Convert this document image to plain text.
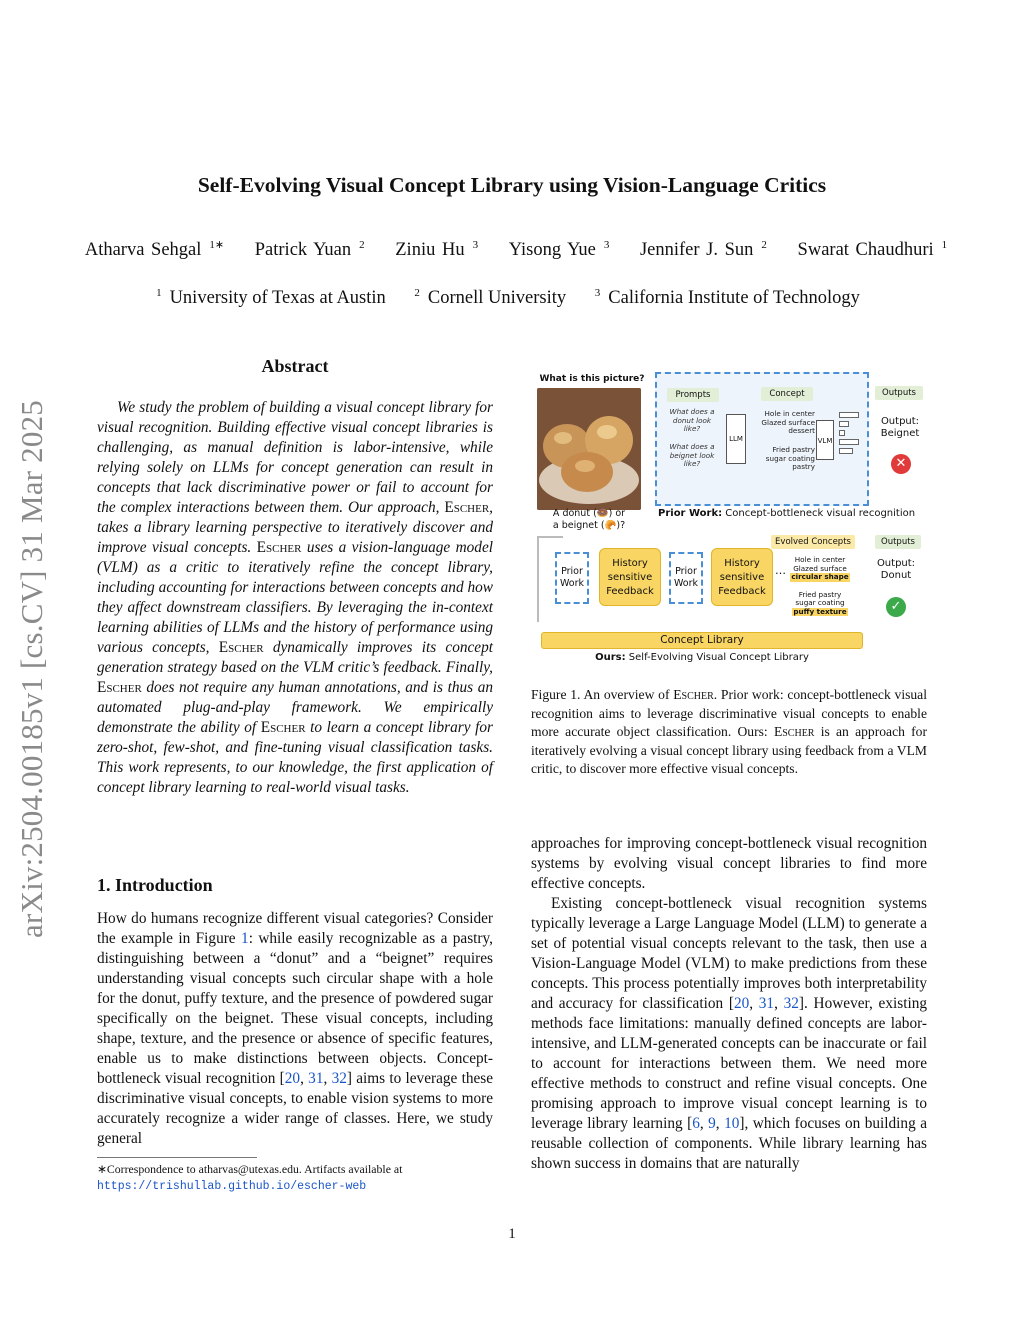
Self-Evolving Visual Concept Library using Vision-Language Critics
Atharva Sehgal $^{1∗}$ Patrick Yuan $^2$ Ziniu Hu $^3$ Yisong Yue $^3$ Jennifer J. Sun $^2$ Swarat Chaudhuri $^1$
$^1$ University of Texas at Austin	$^2$ Cornell University	$^3$ California Institute of Technology
arXiv:2504.00185v1 [cs.CV] 31 Mar 2025
Abstract

We study the problem of building a visual concept library for visual recognition. Building effective visual concept libraries is challenging, as manual definition is labor-intensive, while relying solely on LLMs for concept generation can result in concepts that lack discriminative power or fail to account for the complex interactions between them. Our approach, Escher, takes a library learning perspective to iteratively discover and improve visual concepts. Escher uses a vision-language model (VLM) as a critic to iteratively refine the concept library, including accounting for interactions between concepts and how they affect downstream classifiers. By leveraging the in-context learning abilities of LLMs and the history of performance using various concepts, Escher dynamically improves its concept generation strategy based on the VLM critic’s feedback. Finally, Escher does not require any human annotations, and is thus an automated plug-and-play framework. We empirically demonstrate the ability of Escher to learn a concept library for zero-shot, few-shot, and fine-tuning visual classification tasks. This work represents, to our knowledge, the first application of concept library learning to real-world visual tasks.

1. Introduction

How do humans recognize different visual categories? Consider the example in Figure 1: while easily recognizable as a pastry, distinguishing between a “donut” and a “beignet” requires understanding visual concepts such circular shape with a hole for the donut, puffy texture, and the presence of powdered sugar specifically on the beignet. These visual concepts, including shape, texture, and the presence or absence of specific features, enable us to make distinctions between objects. Concept-bottleneck visual recognition [20, 31, 32] aims to leverage these discriminative visual concepts, to enable vision systems to more accurately recognize a wider range of classes. Here, we study general

∗Correspondence to atharvas@utexas.edu. Artifacts available at
https://trishullab.github.io/escher-web
What is this picture?
A donut (🍩) or
a beignet (🥐)?
Prompts	Concept	Outputs
What does a donut look like?
What does a beignet look like?
LLM
Hole in center Glazed surface dessert
Fried pastry sugar coating pastry
VLM
Output:
Beignet
✕
Prior Work: Concept-bottleneck visual recognition
Prior Work
History sensitive Feedback
Prior Work
History sensitive Feedback
…
Evolved Concepts	Outputs
Hole in center
Glazed surface
circular shape
Fried pastry
sugar coating
puffy texture
Output:
Donut
✓
Concept Library
Ours: Self-Evolving Visual Concept Library

Figure 1. An overview of Escher. Prior work: concept-bottleneck visual recognition aims to leverage discriminative visual concepts to enable more accurate object classification. Ours: Escher is an approach for iteratively evolving a visual concept library using feedback from a VLM critic, to discover more effective visual concepts.

approaches for improving concept-bottleneck visual recognition systems by evolving visual concept libraries to find more effective concepts.

Existing concept-bottleneck visual recognition systems typically leverage a Large Language Model (LLM) to generate a set of potential visual concepts relevant to the task, then use a Vision-Language Model (VLM) to make predictions from these concepts. This process potentially improves both interpretability and accuracy for classification [20, 31, 32]. However, existing methods face limitations: manually defined concepts are labor-intensive, and LLM-generated concepts can be inaccurate or fail to account for interactions between them. We need more effective methods to construct and refine visual concepts. One promising approach to improve visual concept learning is to leverage library learning [6, 9, 10], which focuses on building a reusable collection of components. While library learning has shown success in domains that are naturally

1
